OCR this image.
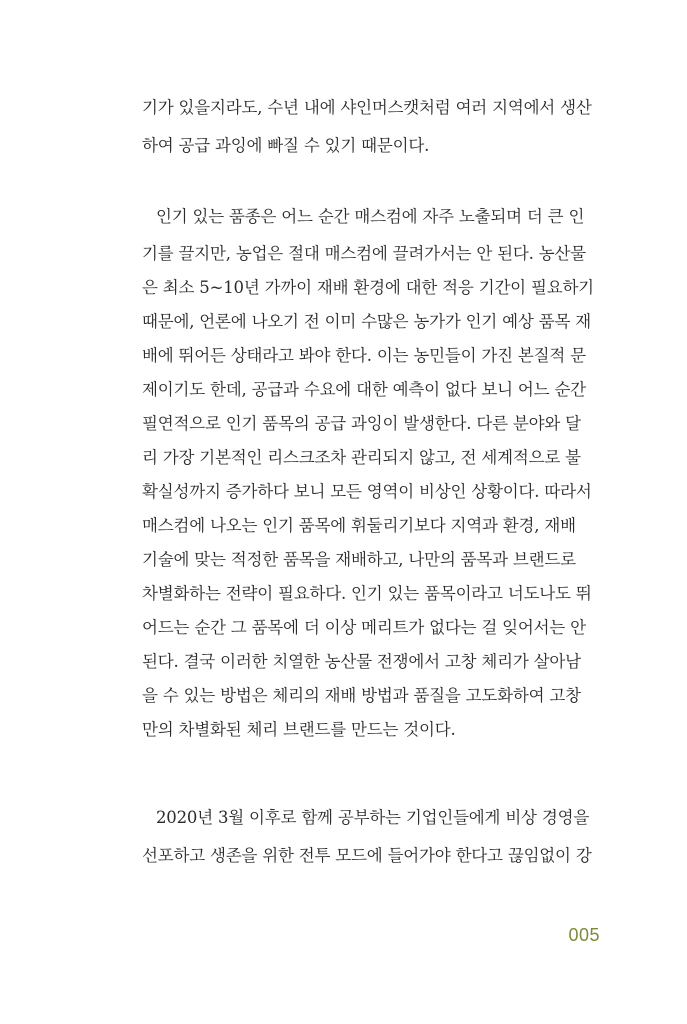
기가 있을지라도, 수년 내에 샤인머스캣처럼 여러 지역에서 생산
하여 공급 과잉에 빠질 수 있기 때문이다.
인기 있는 품종은 어느 순간 매스컴에 자주 노출되며 더 큰 인
기를 끌지만, 농업은 절대 매스컴에 끌려가서는 안 된다. 농산물
은 최소 5~10년 가까이 재배 환경에 대한 적응 기간이 필요하기
때문에, 언론에 나오기 전 이미 수많은 농가가 인기 예상 품목 재
배에 뛰어든 상태라고 봐야 한다. 이는 농민들이 가진 본질적 문
제이기도 한데, 공급과 수요에 대한 예측이 없다 보니 어느 순간
필연적으로 인기 품목의 공급 과잉이 발생한다. 다른 분야와 달
리 가장 기본적인 리스크조차 관리되지 않고, 전 세계적으로 불
확실성까지 증가하다 보니 모든 영역이 비상인 상황이다. 따라서
매스컴에 나오는 인기 품목에 휘둘리기보다 지역과 환경, 재배
기술에 맞는 적정한 품목을 재배하고, 나만의 품목과 브랜드로
차별화하는 전략이 필요하다. 인기 있는 품목이라고 너도나도 뛰
어드는 순간 그 품목에 더 이상 메리트가 없다는 걸 잊어서는 안
된다. 결국 이러한 치열한 농산물 전쟁에서 고창 체리가 살아남
을 수 있는 방법은 체리의 재배 방법과 품질을 고도화하여 고창
만의 차별화된 체리 브랜드를 만드는 것이다.
2020년 3월 이후로 함께 공부하는 기업인들에게 비상 경영을
선포하고 생존을 위한 전투 모드에 들어가야 한다고 끊임없이 강
005
